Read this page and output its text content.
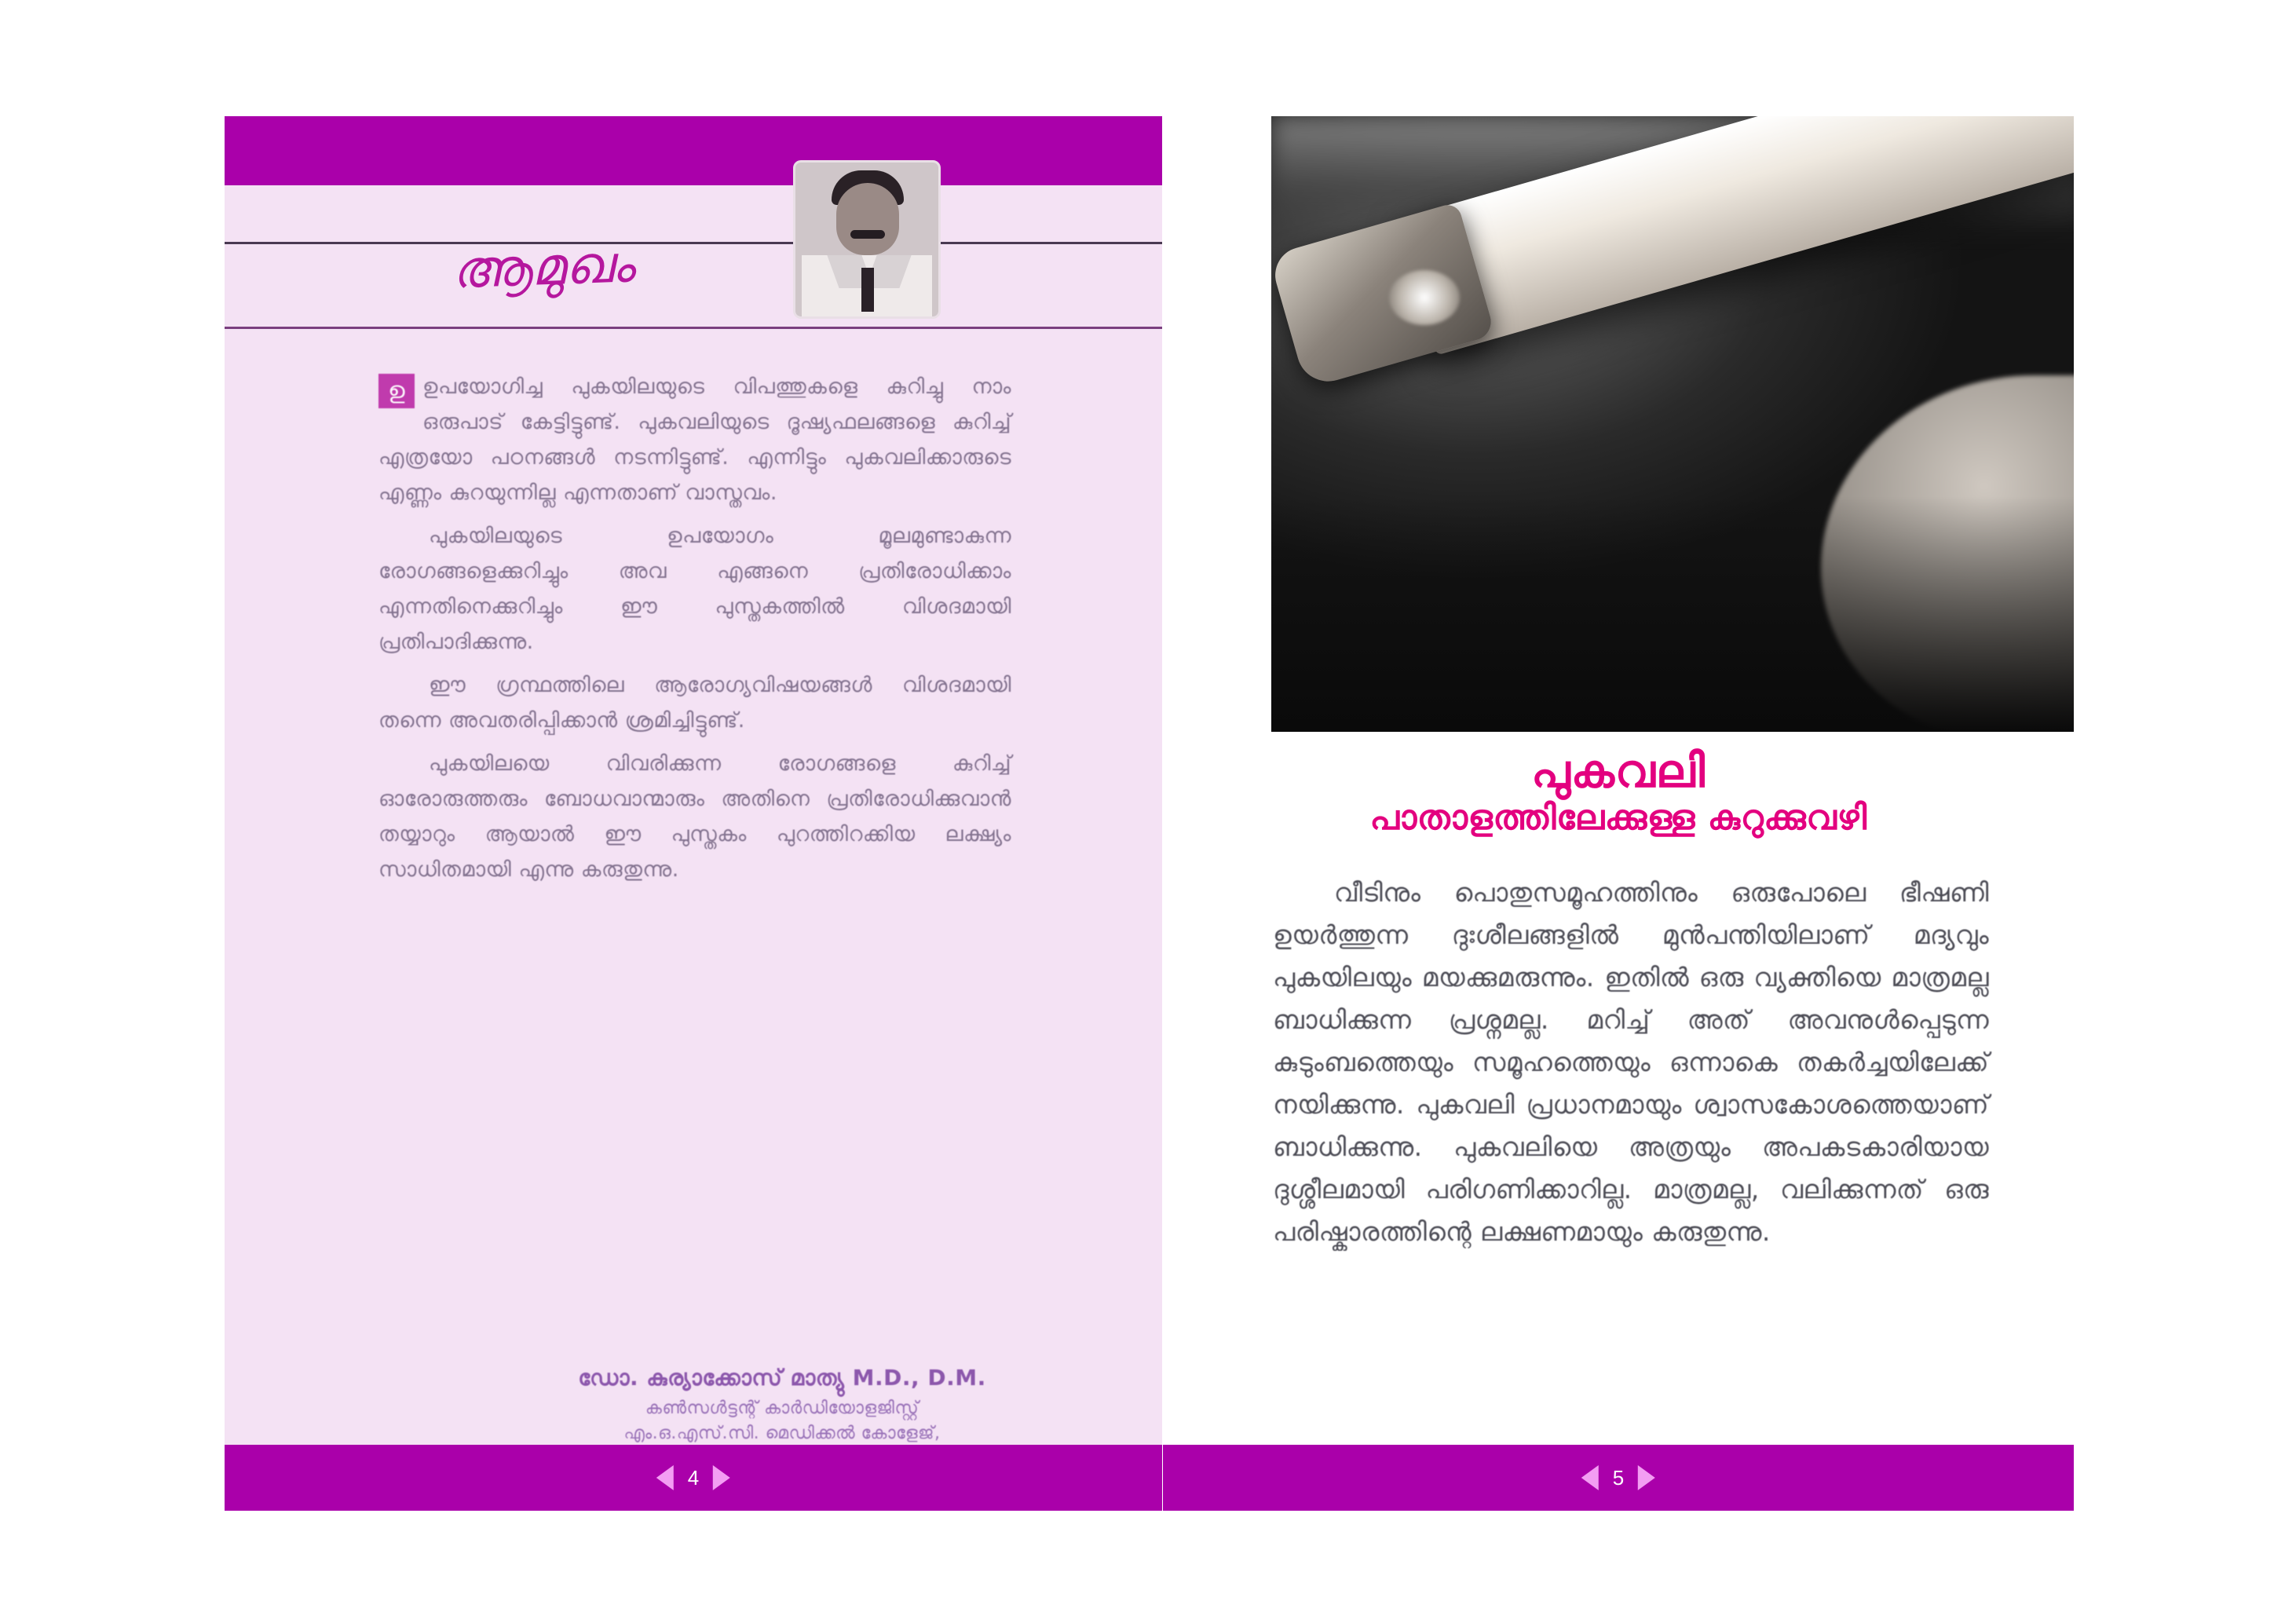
ആമുഖം

ഉ ഉപയോഗിച്ച പുകയിലയുടെ വിപത്തുകളെ കുറിച്ചു നാം ഒരുപാട് കേട്ടിട്ടുണ്ട്. പുകവലിയുടെ ദൂഷ്യഫലങ്ങളെ കുറിച്ച് എത്രയോ പഠനങ്ങൾ നടന്നിട്ടുണ്ട്. എന്നിട്ടും പുകവലിക്കാരുടെ എണ്ണം കുറയുന്നില്ല എന്നതാണ് വാസ്തവം.

പുകയിലയുടെ ഉപയോഗം മൂലമുണ്ടാകുന്ന രോഗങ്ങളെക്കുറിച്ചും അവ എങ്ങനെ പ്രതിരോധിക്കാം എന്നതിനെക്കുറിച്ചും ഈ പുസ്തകത്തിൽ വിശദമായി പ്രതിപാദിക്കുന്നു.

ഈ ഗ്രന്ഥത്തിലെ ആരോഗ്യവിഷയങ്ങൾ വിശദമായി തന്നെ അവതരിപ്പിക്കാൻ ശ്രമിച്ചിട്ടുണ്ട്.

പുകയിലയെ വിവരിക്കുന്ന രോഗങ്ങളെ കുറിച്ച് ഓരോരുത്തരും ബോധവാന്മാരും അതിനെ പ്രതിരോധിക്കുവാൻ തയ്യാറും ആയാൽ ഈ പുസ്തകം പുറത്തിറക്കിയ ലക്ഷ്യം സാധിതമായി എന്നു കരുതുന്നു.

ഡോ. കുര്യാക്കോസ് മാത്യു M.D., D.M.
കൺസൾട്ടന്റ് കാർഡിയോളജിസ്റ്റ്
എം.ഒ.എസ്.സി. മെഡിക്കൽ കോളേജ്,
4
പുകവലി
പാതാളത്തിലേക്കുള്ള കുറുക്കുവഴി

വീടിനും പൊതുസമൂഹത്തിനും ഒരുപോലെ ഭീഷണി ഉയർത്തുന്ന ദുഃശീലങ്ങളിൽ മുൻപന്തിയിലാണ് മദ്യവും പുകയിലയും മയക്കുമരുന്നും. ഇതിൽ ഒരു വ്യക്തിയെ മാത്രമല്ല ബാധിക്കുന്ന പ്രശ്നമല്ല. മറിച്ച് അത് അവനുൾപ്പെടുന്ന കുടുംബത്തെയും സമൂഹത്തെയും ഒന്നാകെ തകർച്ചയിലേക്ക് നയിക്കുന്നു. പുകവലി പ്രധാനമായും ശ്വാസകോശത്തെയാണ് ബാധിക്കുന്നു. പുകവലിയെ അത്രയും അപകടകാരിയായ ദുശ്ശീലമായി പരിഗണിക്കാറില്ല. മാത്രമല്ല, വലിക്കുന്നത് ഒരു പരിഷ്കാരത്തിന്റെ ലക്ഷണമായും കരുതുന്നു.

5
